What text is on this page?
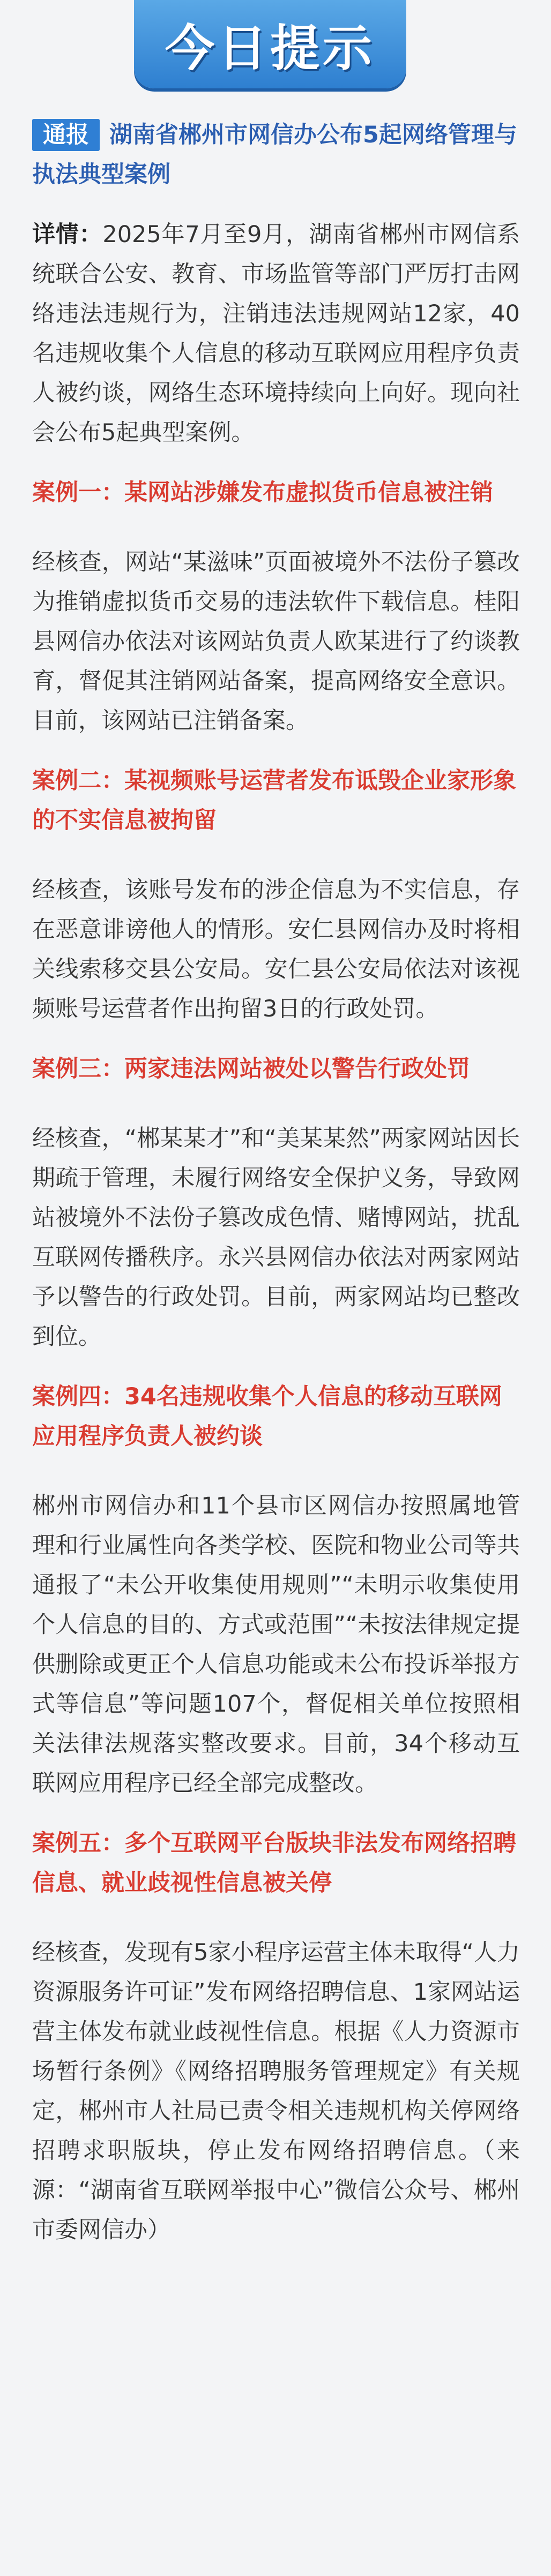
今日提示
通报 湖南省郴州市网信办公布5起网络管理与执法典型案例

详情：2025年7月至9月，湖南省郴州市网信系统联合公安、教育、市场监管等部门严厉打击网络违法违规行为，注销违法违规网站12家，40名违规收集个人信息的移动互联网应用程序负责人被约谈，网络生态环境持续向上向好。现向社会公布5起典型案例。

案例一：某网站涉嫌发布虚拟货币信息被注销

经核查，网站“某滋味”页面被境外不法份子篡改为推销虚拟货币交易的违法软件下载信息。桂阳县网信办依法对该网站负责人欧某进行了约谈教育，督促其注销网站备案，提高网络安全意识。目前，该网站已注销备案。

案例二：某视频账号运营者发布诋毁企业家形象的不实信息被拘留

经核查，该账号发布的涉企信息为不实信息，存在恶意诽谤他人的情形。安仁县网信办及时将相关线索移交县公安局。安仁县公安局依法对该视频账号运营者作出拘留3日的行政处罚。

案例三：两家违法网站被处以警告行政处罚

经核查，“郴某某才”和“美某某然”两家网站因长期疏于管理，未履行网络安全保护义务，导致网站被境外不法份子篡改成色情、赌博网站，扰乱互联网传播秩序。永兴县网信办依法对两家网站予以警告的行政处罚。目前，两家网站均已整改到位。

案例四：34名违规收集个人信息的移动互联网应用程序负责人被约谈

郴州市网信办和11个县市区网信办按照属地管理和行业属性向各类学校、医院和物业公司等共通报了“未公开收集使用规则”“未明示收集使用个人信息的目的、方式或范围”“未按法律规定提供删除或更正个人信息功能或未公布投诉举报方式等信息”等问题107个，督促相关单位按照相关法律法规落实整改要求。目前，34个移动互联网应用程序已经全部完成整改。

案例五：多个互联网平台版块非法发布网络招聘信息、就业歧视性信息被关停

经核查，发现有5家小程序运营主体未取得“人力资源服务许可证”发布网络招聘信息、1家网站运营主体发布就业歧视性信息。根据《人力资源市场暂行条例》《网络招聘服务管理规定》有关规定，郴州市人社局已责令相关违规机构关停网络招聘求职版块，停止发布网络招聘信息。（来源：“湖南省互联网举报中心”微信公众号、郴州市委网信办）
